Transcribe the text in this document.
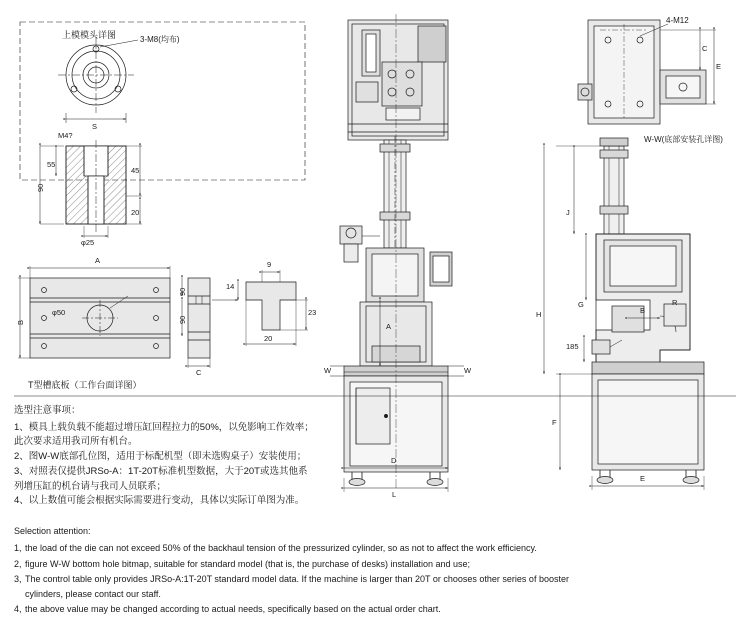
上模模头详图	3-M8(均布)
S
55
90
45
20
φ25
M4?
T型槽底板（工作台面详图）
A
B
φ50
90
90
C
9
14
23
20
A
W	W
D
L
4-M12
C
E
W-W(底部安装孔详图)
H
J
G	R
B
F
E
185
选型注意事项：
1、模具上载负载不能超过增压缸回程拉力的50%，以免影响工作效率；此次要求适用我司所有机台。
2、图W-W底部孔位图，适用于标配机型（即未选购桌子）安装使用；
3、对照表仅提供JRSo-A：1T-20T标准机型数据，大于20T或选其他系列增压缸的机台请与我司人员联系；
4、以上数值可能会根据实际需要进行变动，具体以实际订单图为准。
Selection attention:
1, the load of the die can not exceed 50% of the backhaul tension of the pressurized cylinder, so as not to affect the work efficiency.
2, figure W-W bottom hole bitmap, suitable for standard model (that is, the purchase of desks) installation and use;
3, The control table only provides JRSo-A:1T-20T standard model data. If the machine is larger than 20T or chooses other series of booster cylinders, please contact our staff.
4, the above value may be changed according to actual needs, specifically based on the actual order chart.
